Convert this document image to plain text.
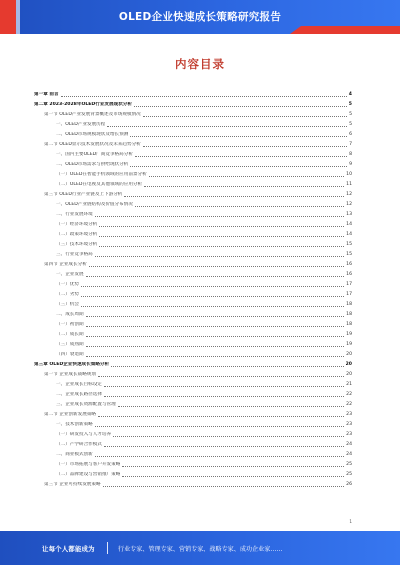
OLED企业快速成长策略研究报告
内容目录
第一章 前言	4
第二章 2023-2028年OLED行业发展现状分析	5
第一节 OLED产业发展背景概述及市场规模情况	5
一、OLED产业发展历程	5
二、OLED市场规模现状及增长预测	6
第二节 OLED显示技术发展状况及未来趋势分析	7
一、国内主要OLED厂商竞争格局分析	8
二、OLED市场需求与供给现状分析	9
（一）OLED在智能手机领域的应用前景分析	10
（二）OLED在电视及其他领域的应用分析	11
第三节 OLED行业产业链及上下游分析	12
一、OLED产业链结构及价值分布情况	12
二、行业发展环境	13
（一）经济环境分析	14
（二）政策环境分析	14
（三）技术环境分析	15
三、行业竞争格局	15
第四节 企业成长分析	16
一、企业发展	16
（一）优势	17
（二）劣势	17
（三）机会	18
二、成长周期	18
（一）初创期	18
（二）成长期	19
（三）成熟期	19
（四）衰退期	20
第三章 OLED企业快速成长策略分析	20
第一节 企业成长战略规划	20
一、企业成长目标设定	21
二、企业成长路径选择	22
三、企业成长资源配置与管理	22
第二节 企业创新发展策略	23
一、技术创新策略	23
（一）研发投入与人才培养	23
（二）产学研合作模式	24
二、商业模式创新	24
（一）市场拓展与客户开发策略	25
（二）品牌建设与营销推广策略	25
第三节 企业可持续发展策略	26
1
让每个人都能成为	行业专家、管理专家、营销专家、战略专家、成功企业家……
